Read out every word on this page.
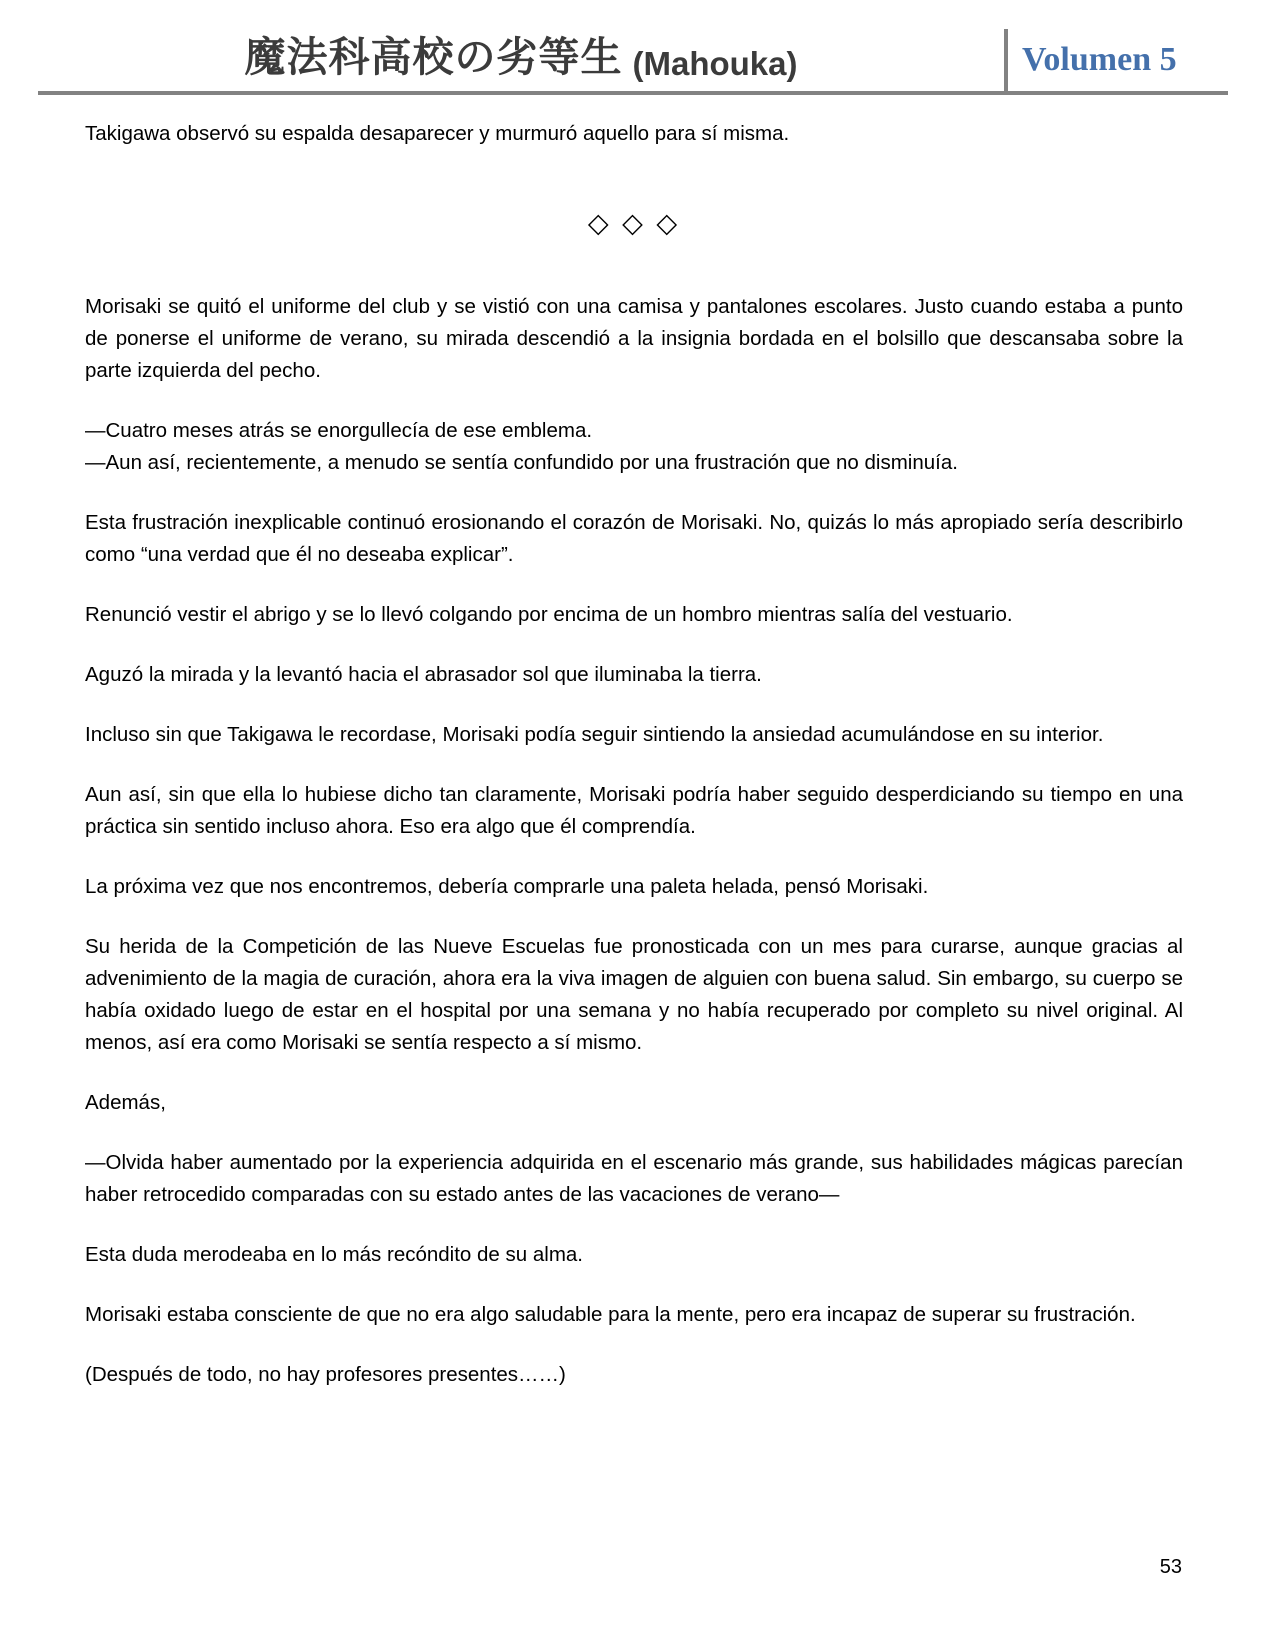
魔法科高校の劣等生 (Mahouka)	Volumen 5

Takigawa observó su espalda desaparecer y murmuró aquello para sí misma.

◇ ◇ ◇

Morisaki se quitó el uniforme del club y se vistió con una camisa y pantalones escolares. Justo cuando estaba a punto de ponerse el uniforme de verano, su mirada descendió a la insignia bordada en el bolsillo que descansaba sobre la parte izquierda del pecho.

—Cuatro meses atrás se enorgullecía de ese emblema.

—Aun así, recientemente, a menudo se sentía confundido por una frustración que no disminuía.

Esta frustración inexplicable continuó erosionando el corazón de Morisaki. No, quizás lo más apropiado sería describirlo como “una verdad que él no deseaba explicar”.

Renunció vestir el abrigo y se lo llevó colgando por encima de un hombro mientras salía del vestuario.

Aguzó la mirada y la levantó hacia el abrasador sol que iluminaba la tierra.

Incluso sin que Takigawa le recordase, Morisaki podía seguir sintiendo la ansiedad acumulándose en su interior.

Aun así, sin que ella lo hubiese dicho tan claramente, Morisaki podría haber seguido desperdiciando su tiempo en una práctica sin sentido incluso ahora. Eso era algo que él comprendía.

La próxima vez que nos encontremos, debería comprarle una paleta helada, pensó Morisaki.

Su herida de la Competición de las Nueve Escuelas fue pronosticada con un mes para curarse, aunque gracias al advenimiento de la magia de curación, ahora era la viva imagen de alguien con buena salud. Sin embargo, su cuerpo se había oxidado luego de estar en el hospital por una semana y no había recuperado por completo su nivel original. Al menos, así era como Morisaki se sentía respecto a sí mismo.

Además,

—Olvida haber aumentado por la experiencia adquirida en el escenario más grande, sus habilidades mágicas parecían haber retrocedido comparadas con su estado antes de las vacaciones de verano—

Esta duda merodeaba en lo más recóndito de su alma.

Morisaki estaba consciente de que no era algo saludable para la mente, pero era incapaz de superar su frustración.

(Después de todo, no hay profesores presentes……)

53
